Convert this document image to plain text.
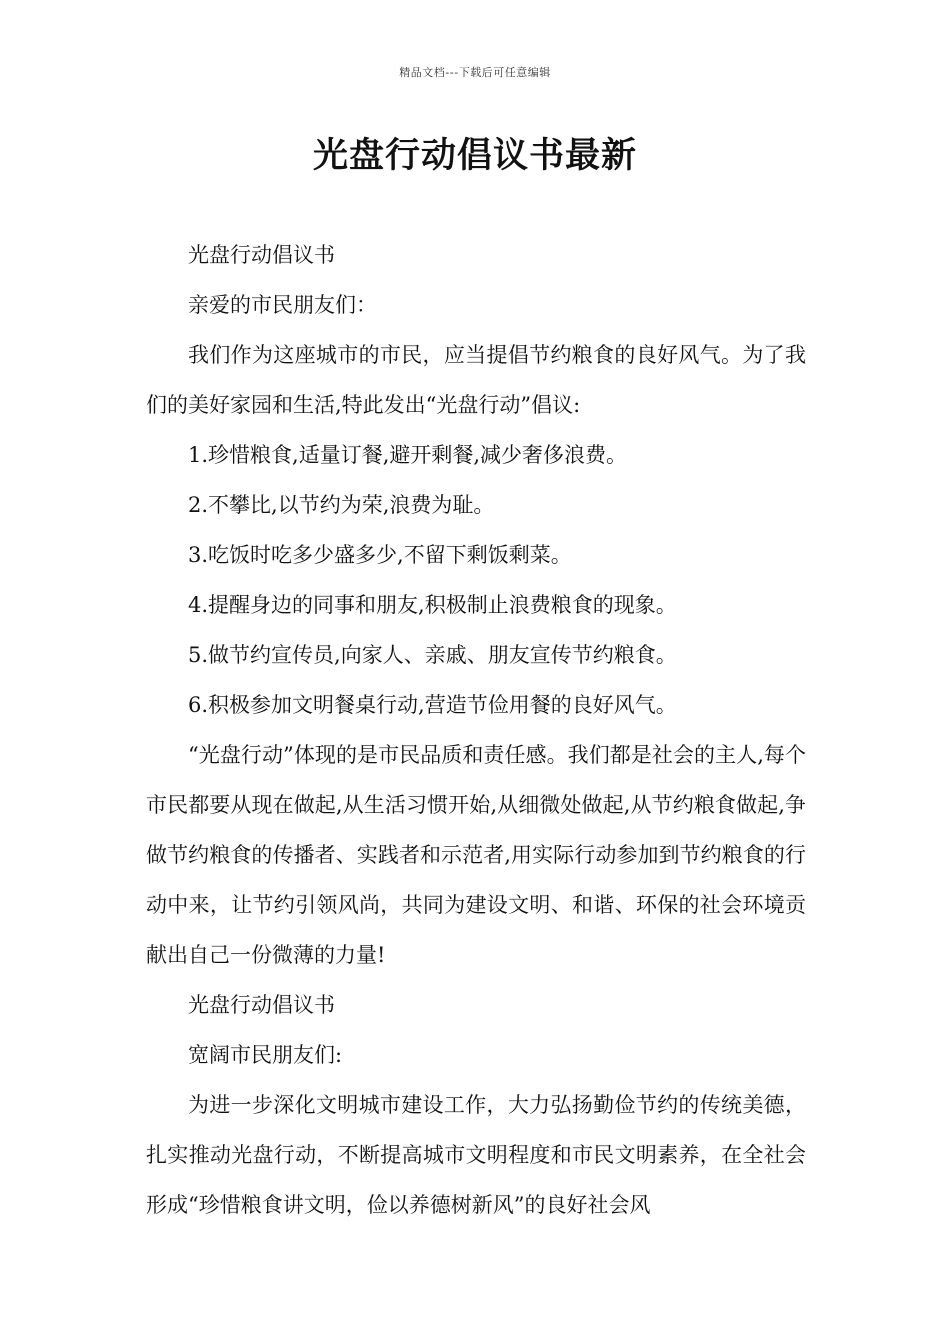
精品文档---下载后可任意编辑
光盘行动倡议书最新

光盘行动倡议书

亲爱的市民朋友们：

我们作为这座城市的市民，应当提倡节约粮食的良好风气。为了我们的美好家园和生活,特此发出“光盘行动”倡议:

1.珍惜粮食,适量订餐,避开剩餐,减少奢侈浪费。

2.不攀比,以节约为荣,浪费为耻。

3.吃饭时吃多少盛多少,不留下剩饭剩菜。

4.提醒身边的同事和朋友,积极制止浪费粮食的现象。

5.做节约宣传员,向家人、亲戚、朋友宣传节约粮食。

6.积极参加文明餐桌行动,营造节俭用餐的良好风气。

“光盘行动”体现的是市民品质和责任感。我们都是社会的主人,每个市民都要从现在做起,从生活习惯开始,从细微处做起,从节约粮食做起,争做节约粮食的传播者、实践者和示范者,用实际行动参加到节约粮食的行动中来，让节约引领风尚，共同为建设文明、和谐、环保的社会环境贡献出自己一份微薄的力量!

光盘行动倡议书

宽阔市民朋友们:

为进一步深化文明城市建设工作，大力弘扬勤俭节约的传统美德，扎实推动光盘行动，不断提高城市文明程度和市民文明素养，在全社会形成“珍惜粮食讲文明，俭以养德树新风”的良好社会风
